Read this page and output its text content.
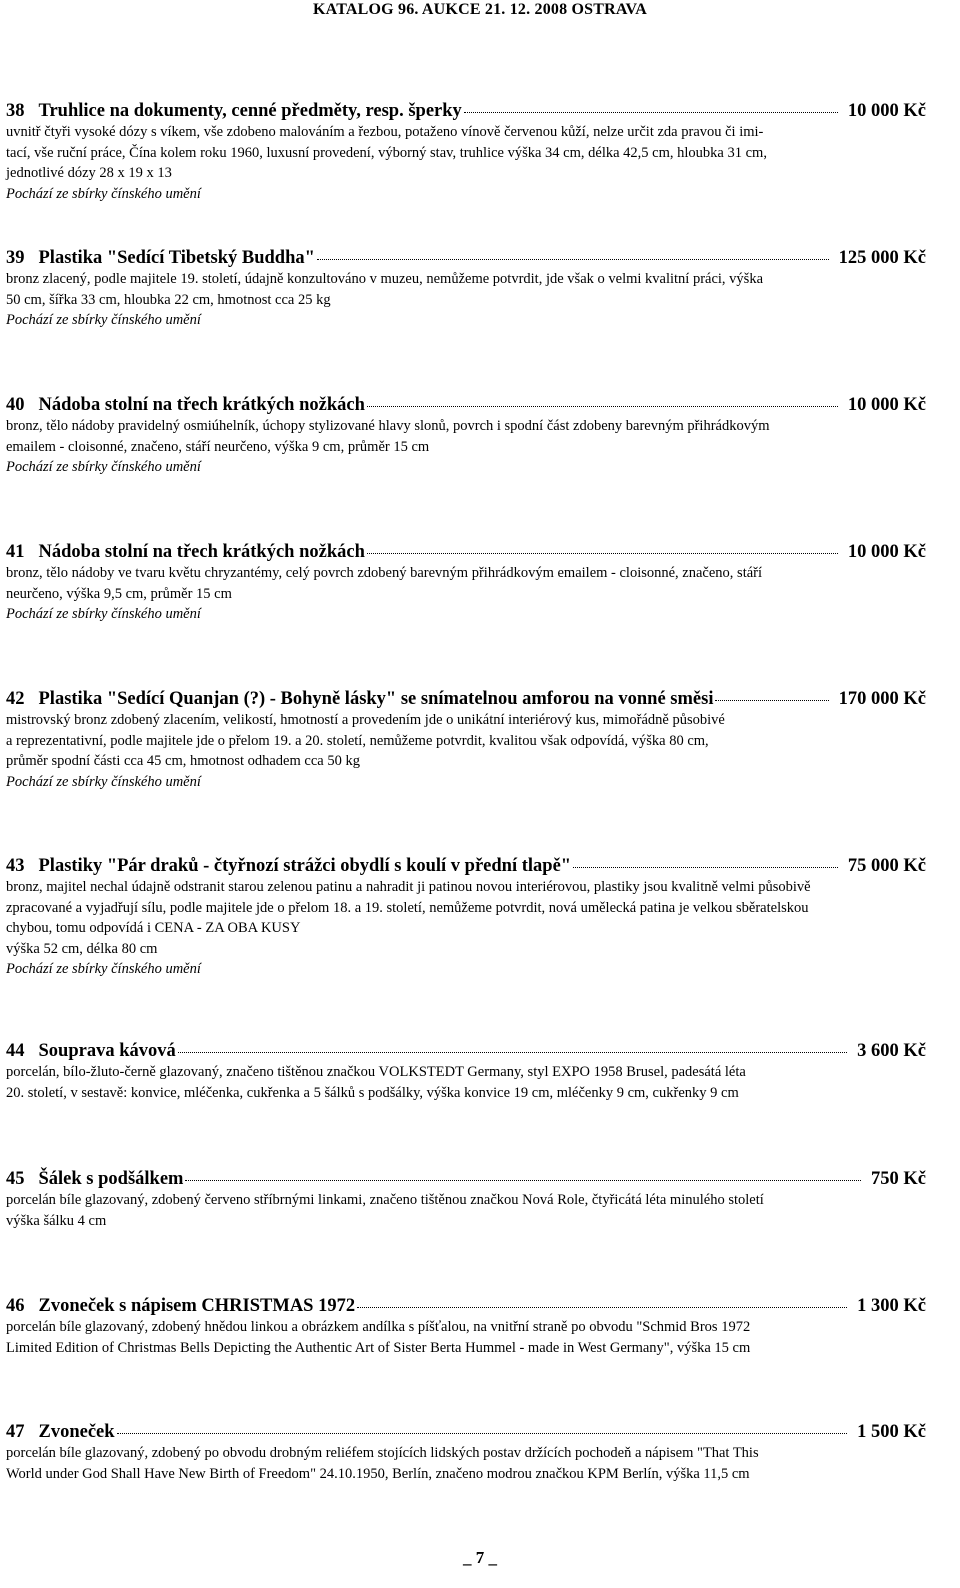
KATALOG 96. AUKCE 21. 12. 2008 OSTRAVA
38 Truhlice na dokumenty, cenné předměty, resp. šperky	10 000 Kč
uvnitř čtyři vysoké dózy s víkem, vše zdobeno malováním a řezbou, potaženo vínově červenou kůží, nelze určit zda pravou či imi-
tací, vše ruční práce, Čína kolem roku 1960, luxusní provedení, výborný stav, truhlice výška 34 cm, délka 42,5 cm, hloubka 31 cm,
jednotlivé dózy 28 x 19 x 13
Pochází ze sbírky čínského umění
39 Plastika "Sedící Tibetský Buddha"	125 000 Kč
bronz zlacený, podle majitele 19. století, údajně konzultováno v muzeu, nemůžeme potvrdit, jde však o velmi kvalitní práci, výška
50 cm, šířka 33 cm, hloubka 22 cm, hmotnost cca 25 kg
Pochází ze sbírky čínského umění
40 Nádoba stolní na třech krátkých nožkách	10 000 Kč
bronz, tělo nádoby pravidelný osmiúhelník, úchopy stylizované hlavy slonů, povrch i spodní část zdobeny barevným přihrádkovým
emailem - cloisonné, značeno, stáří neurčeno, výška 9 cm, průměr 15 cm
Pochází ze sbírky čínského umění
41 Nádoba stolní na třech krátkých nožkách	10 000 Kč
bronz, tělo nádoby ve tvaru květu chryzantémy, celý povrch zdobený barevným přihrádkovým emailem - cloisonné, značeno, stáří
neurčeno, výška 9,5 cm, průměr 15 cm
Pochází ze sbírky čínského umění
42 Plastika "Sedící Quanjan (?) - Bohyně lásky" se snímatelnou amforou na vonné směsi	170 000 Kč
mistrovský bronz zdobený zlacením, velikostí, hmotností a provedením jde o unikátní interiérový kus, mimořádně působivé
a reprezentativní, podle majitele jde o přelom 19. a 20. století, nemůžeme potvrdit, kvalitou však odpovídá, výška 80 cm,
průměr spodní části cca 45 cm, hmotnost odhadem cca 50 kg
Pochází ze sbírky čínského umění
43 Plastiky "Pár draků - čtyřnozí strážci obydlí s koulí v přední tlapě"	75 000 Kč
bronz, majitel nechal údajně odstranit starou zelenou patinu a nahradit ji patinou novou interiérovou, plastiky jsou kvalitně velmi působivě
zpracované a vyjadřují sílu, podle majitele jde o přelom 18. a 19. století, nemůžeme potvrdit, nová umělecká patina je velkou sběratelskou
chybou, tomu odpovídá i CENA - ZA OBA KUSY
výška 52 cm, délka 80 cm
Pochází ze sbírky čínského umění
44 Souprava kávová	3 600 Kč
porcelán, bílo-žluto-černě glazovaný, značeno tištěnou značkou VOLKSTEDT Germany, styl EXPO 1958 Brusel, padesátá léta
20. století, v sestavě: konvice, mléčenka, cukřenka a 5 šálků s podšálky, výška konvice 19 cm, mléčenky 9 cm, cukřenky 9 cm
45 Šálek s podšálkem	750 Kč
porcelán bíle glazovaný, zdobený červeno stříbrnými linkami, značeno tištěnou značkou Nová Role, čtyřicátá léta minulého století
výška šálku 4 cm
46 Zvoneček s nápisem CHRISTMAS 1972	1 300 Kč
porcelán bíle glazovaný, zdobený hnědou linkou a obrázkem andílka s píšťalou, na vnitřní straně po obvodu "Schmid Bros 1972
Limited Edition of Christmas Bells Depicting the Authentic Art of Sister Berta Hummel - made in West Germany", výška 15 cm
47 Zvoneček	1 500 Kč
porcelán bíle glazovaný, zdobený po obvodu drobným reliéfem stojících lidských postav držících pochodeň a nápisem "That This
World under God Shall Have New Birth of Freedom" 24.10.1950, Berlín, značeno modrou značkou KPM Berlín, výška 11,5 cm
_ 7 _
